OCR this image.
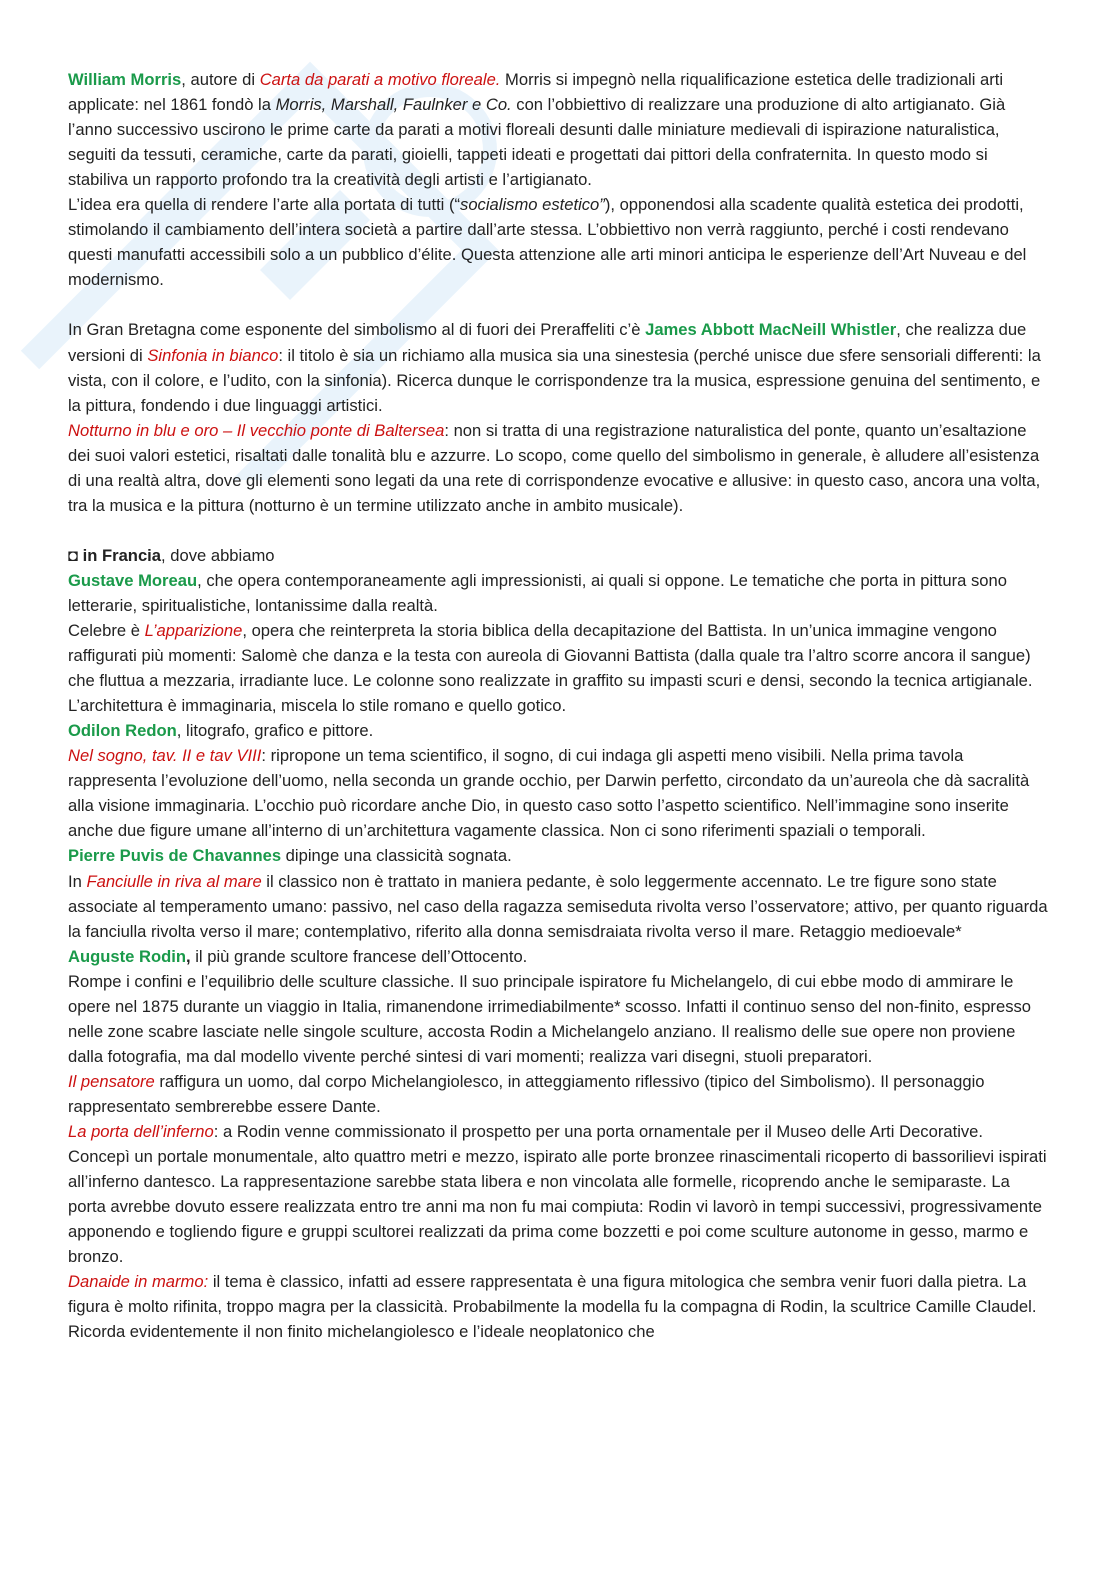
William Morris, autore di Carta da parati a motivo floreale. Morris si impegnò nella riqualificazione estetica delle tradizionali arti applicate: nel 1861 fondò la Morris, Marshall, Faulnker e Co. con l’obbiettivo di realizzare una produzione di alto artigianato. Già l’anno successivo uscirono le prime carte da parati a motivi floreali desunti dalle miniature medievali di ispirazione naturalistica, seguiti da tessuti, ceramiche, carte da parati, gioielli, tappeti ideati e progettati dai pittori della confraternita. In questo modo si stabiliva un rapporto profondo tra la creatività degli artisti e l’artigianato.

L’idea era quella di rendere l’arte alla portata di tutti (“socialismo estetico”), opponendosi alla scadente qualità estetica dei prodotti, stimolando il cambiamento dell’intera società a partire dall’arte stessa. L’obbiettivo non verrà raggiunto, perché i costi rendevano questi manufatti accessibili solo a un pubblico d’élite. Questa attenzione alle arti minori anticipa le esperienze dell’Art Nuveau e del modernismo.

In Gran Bretagna come esponente del simbolismo al di fuori dei Preraffeliti c’è James Abbott MacNeill Whistler, che realizza due versioni di Sinfonia in bianco: il titolo è sia un richiamo alla musica sia una sinestesia (perché unisce due sfere sensoriali differenti: la vista, con il colore, e l’udito, con la sinfonia). Ricerca dunque le corrispondenze tra la musica, espressione genuina del sentimento, e la pittura, fondendo i due linguaggi artistici.

Notturno in blu e oro – Il vecchio ponte di Baltersea: non si tratta di una registrazione naturalistica del ponte, quanto un’esaltazione dei suoi valori estetici, risaltati dalle tonalità blu e azzurre. Lo scopo, come quello del simbolismo in generale, è alludere all’esistenza di una realtà altra, dove gli elementi sono legati da una rete di corrispondenze evocative e allusive: in questo caso, ancora una volta, tra la musica e la pittura (notturno è un termine utilizzato anche in ambito musicale).

◘ in Francia, dove abbiamo

Gustave Moreau, che opera contemporaneamente agli impressionisti, ai quali si oppone. Le tematiche che porta in pittura sono letterarie, spiritualistiche, lontanissime dalla realtà.

Celebre è L’apparizione, opera che reinterpreta la storia biblica della decapitazione del Battista. In un’unica immagine vengono raffigurati più momenti: Salomè che danza e la testa con aureola di Giovanni Battista (dalla quale tra l’altro scorre ancora il sangue) che fluttua a mezzaria, irradiante luce. Le colonne sono realizzate in graffito su impasti scuri e densi, secondo la tecnica artigianale. L’architettura è immaginaria, miscela lo stile romano e quello gotico.

Odilon Redon, litografo, grafico e pittore.

Nel sogno, tav. II e tav VIII: ripropone un tema scientifico, il sogno, di cui indaga gli aspetti meno visibili. Nella prima tavola rappresenta l’evoluzione dell’uomo, nella seconda un grande occhio, per Darwin perfetto, circondato da un’aureola che dà sacralità alla visione immaginaria. L’occhio può ricordare anche Dio, in questo caso sotto l’aspetto scientifico. Nell’immagine sono inserite anche due figure umane all’interno di un’architettura vagamente classica. Non ci sono riferimenti spaziali o temporali.

Pierre Puvis de Chavannes dipinge una classicità sognata.

In Fanciulle in riva al mare il classico non è trattato in maniera pedante, è solo leggermente accennato. Le tre figure sono state associate al temperamento umano: passivo, nel caso della ragazza semiseduta rivolta verso l’osservatore; attivo, per quanto riguarda la fanciulla rivolta verso il mare; contemplativo, riferito alla donna semisdraiata rivolta verso il mare. Retaggio medioevale*

Auguste Rodin, il più grande scultore francese dell’Ottocento.

Rompe i confini e l’equilibrio delle sculture classiche. Il suo principale ispiratore fu Michelangelo, di cui ebbe modo di ammirare le opere nel 1875 durante un viaggio in Italia, rimanendone irrimediabilmente* scosso. Infatti il continuo senso del non-finito, espresso nelle zone scabre lasciate nelle singole sculture, accosta Rodin a Michelangelo anziano. Il realismo delle sue opere non proviene dalla fotografia, ma dal modello vivente perché sintesi di vari momenti; realizza vari disegni, stuoli preparatori.

Il pensatore raffigura un uomo, dal corpo Michelangiolesco, in atteggiamento riflessivo (tipico del Simbolismo). Il personaggio rappresentato sembrerebbe essere Dante.

La porta dell’inferno: a Rodin venne commissionato il prospetto per una porta ornamentale per il Museo delle Arti Decorative. Concepì un portale monumentale, alto quattro metri e mezzo, ispirato alle porte bronzee rinascimentali ricoperto di bassorilievi ispirati all’inferno dantesco. La rappresentazione sarebbe stata libera e non vincolata alle formelle, ricoprendo anche le semiparaste. La porta avrebbe dovuto essere realizzata entro tre anni ma non fu mai compiuta: Rodin vi lavorò in tempi successivi, progressivamente apponendo e togliendo figure e gruppi scultorei realizzati da prima come bozzetti e poi come sculture autonome in gesso, marmo e bronzo.

Danaide in marmo: il tema è classico, infatti ad essere rappresentata è una figura mitologica che sembra venir fuori dalla pietra. La figura è molto rifinita, troppo magra per la classicità. Probabilmente la modella fu la compagna di Rodin, la scultrice Camille Claudel. Ricorda evidentemente il non finito michelangiolesco e l’ideale neoplatonico che
